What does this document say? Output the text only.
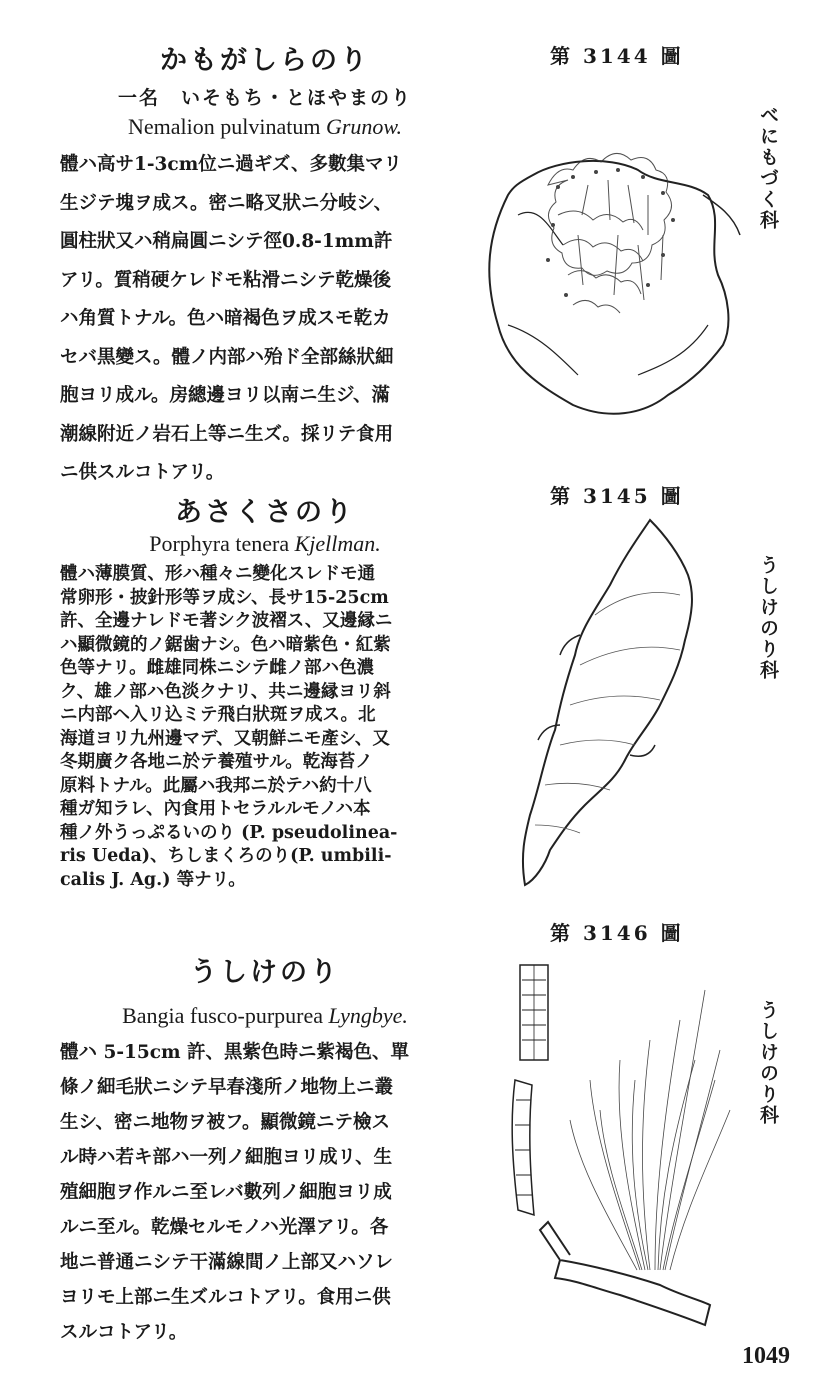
かもがしらのり
一名　いそもち・とほやまのり
Nemalion pulvinatum Grunow.
體ハ高サ1-3cm位ニ過ギズ、多數集マリ
生ジテ塊ヲ成ス。密ニ略叉狀ニ分岐シ、
圓柱狀又ハ稍扁圓ニシテ徑0.8-1mm許
アリ。質稍硬ケレドモ粘滑ニシテ乾燥後
ハ角質トナル。色ハ暗褐色ヲ成スモ乾カ
セバ黒變ス。體ノ内部ハ殆ド全部絲狀細
胞ヨリ成ル。房總邊ヨリ以南ニ生ジ、滿
潮線附近ノ岩石上等ニ生ズ。採リテ食用
ニ供スルコトアリ。
あさくさのり
Porphyra tenera Kjellman.
體ハ薄膜質、形ハ種々ニ變化スレドモ通
常卵形・披針形等ヲ成シ、長サ15-25cm
許、全邊ナレドモ著シク波褶ス、又邊縁ニ
ハ顯微鏡的ノ鋸歯ナシ。色ハ暗紫色・紅紫
色等ナリ。雌雄同株ニシテ雌ノ部ハ色濃
ク、雄ノ部ハ色淡クナリ、共ニ邊縁ヨリ斜
ニ内部ヘ入リ込ミテ飛白狀斑ヲ成ス。北
海道ヨリ九州邊マデ、又朝鮮ニモ產シ、又
冬期廣ク各地ニ於テ養殖サル。乾海苔ノ
原料トナル。此屬ハ我邦ニ於テハ約十八
種ガ知ラレ、內食用トセラルルモノハ本
種ノ外うっぷるいのり (P. pseudolinea-
ris Ueda)、ちしまくろのり(P. umbili-
calis J. Ag.) 等ナリ。
うしけのり
Bangia fusco-purpurea Lyngbye.
體ハ 5-15cm 許、黒紫色時ニ紫褐色、單
條ノ細毛狀ニシテ早春淺所ノ地物上ニ叢
生シ、密ニ地物ヲ被フ。顯微鏡ニテ檢ス
ル時ハ若キ部ハ一列ノ細胞ヨリ成リ、生
殖細胞ヲ作ルニ至レバ數列ノ細胞ヨリ成
ルニ至ル。乾燥セルモノハ光澤アリ。各
地ニ普通ニシテ干滿線間ノ上部又ハソレ
ヨリモ上部ニ生ズルコトアリ。食用ニ供
スルコトアリ。
第 3144 圖
べにもづく科
第 3145 圖
うしけのり科
第 3146 圖
うしけのり科
1049
